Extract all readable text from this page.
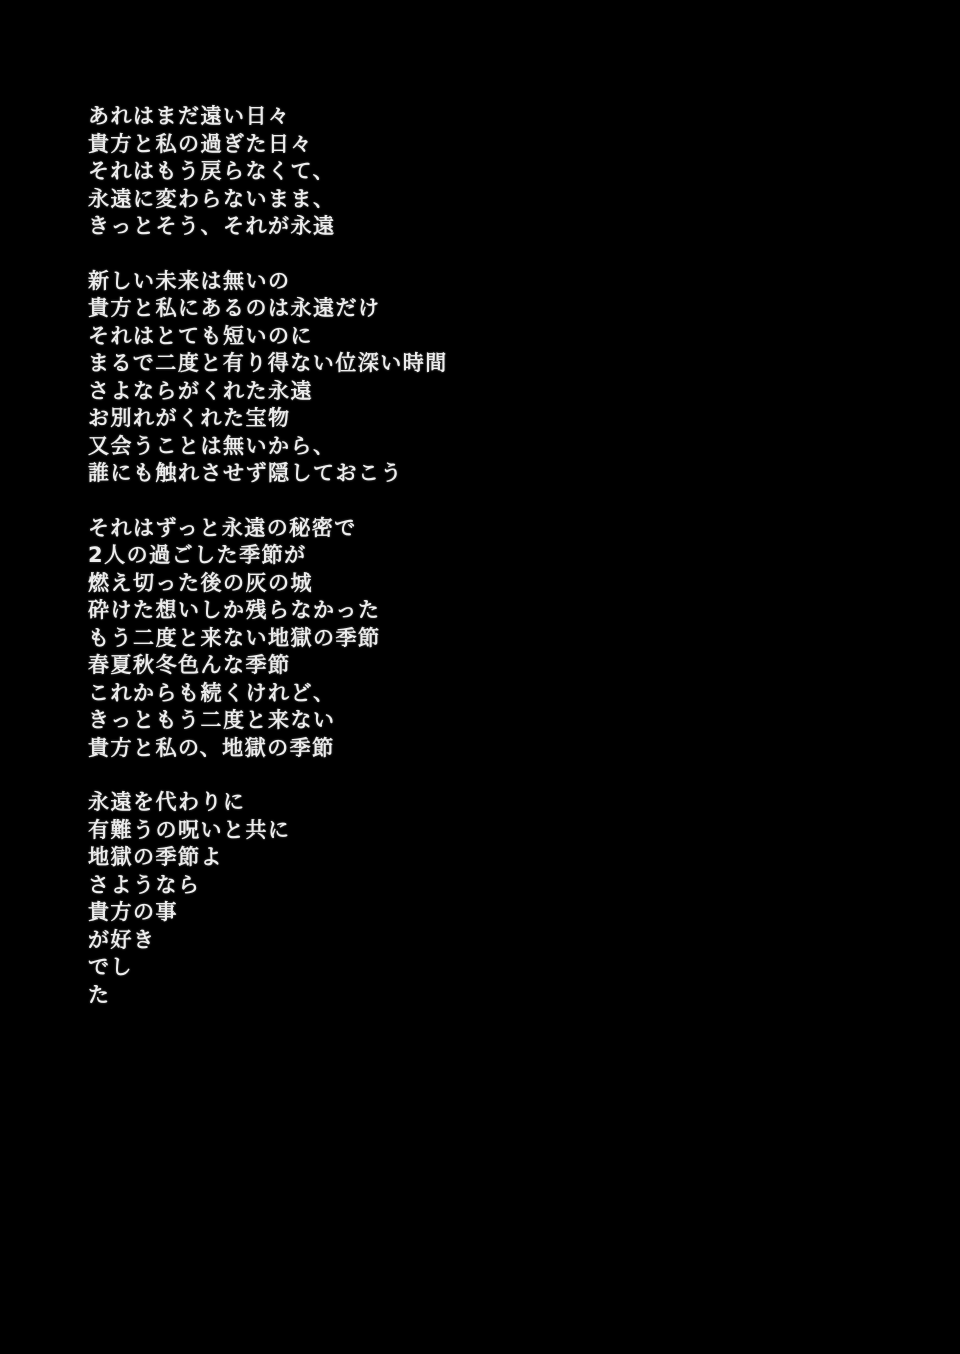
あれはまだ遠い日々
貴方と私の過ぎた日々
それはもう戻らなくて、
永遠に変わらないまま、
きっとそう、それが永遠
新しい未来は無いの
貴方と私にあるのは永遠だけ
それはとても短いのに
まるで二度と有り得ない位深い時間
さよならがくれた永遠
お別れがくれた宝物
又会うことは無いから、
誰にも触れさせず隠しておこう
それはずっと永遠の秘密で
2人の過ごした季節が
燃え切った後の灰の城
砕けた想いしか残らなかった
もう二度と来ない地獄の季節
春夏秋冬色んな季節
これからも続くけれど、
きっともう二度と来ない
貴方と私の、地獄の季節
永遠を代わりに
有難うの呪いと共に
地獄の季節よ
さようなら
貴方の事
が好き
でし
た
